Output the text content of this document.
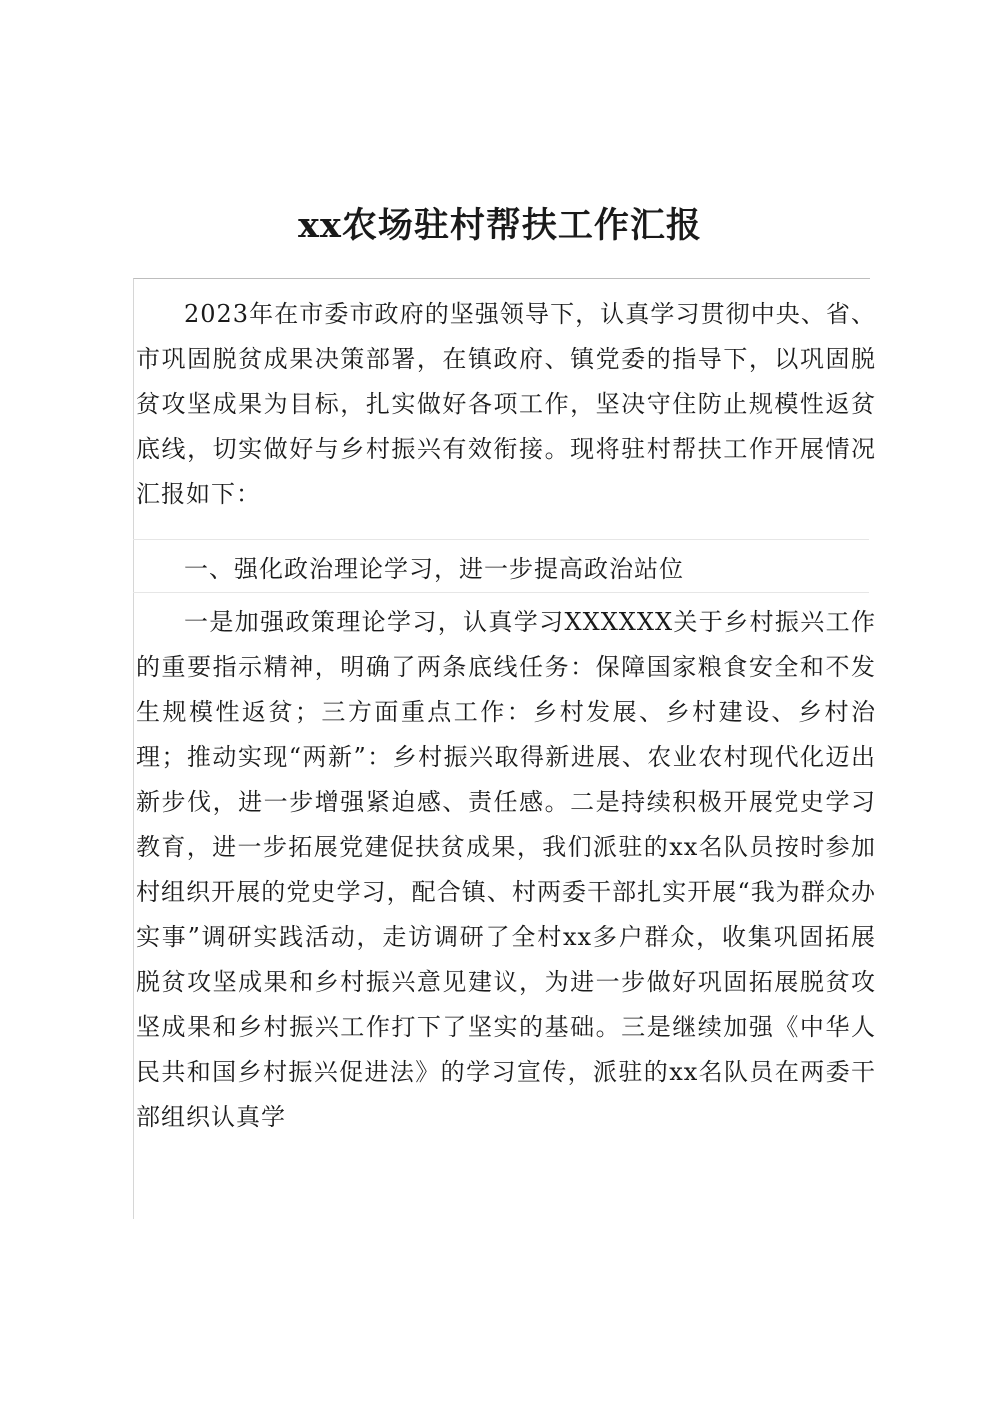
xx农场驻村帮扶工作汇报

2023年在市委市政府的坚强领导下，认真学习贯彻中央、省、市巩固脱贫成果决策部署，在镇政府、镇党委的指导下，以巩固脱贫攻坚成果为目标，扎实做好各项工作，坚决守住防止规模性返贫底线，切实做好与乡村振兴有效衔接。现将驻村帮扶工作开展情况汇报如下：

一、强化政治理论学习，进一步提高政治站位

一是加强政策理论学习，认真学习XXXXXX关于乡村振兴工作的重要指示精神，明确了两条底线任务：保障国家粮食安全和不发生规模性返贫；三方面重点工作：乡村发展、乡村建设、乡村治理；推动实现“两新”：乡村振兴取得新进展、农业农村现代化迈出新步伐，进一步增强紧迫感、责任感。二是持续积极开展党史学习教育，进一步拓展党建促扶贫成果，我们派驻的xx名队员按时参加村组织开展的党史学习，配合镇、村两委干部扎实开展“我为群众办实事”调研实践活动，走访调研了全村xx多户群众，收集巩固拓展脱贫攻坚成果和乡村振兴意见建议，为进一步做好巩固拓展脱贫攻坚成果和乡村振兴工作打下了坚实的基础。三是继续加强《中华人民共和国乡村振兴促进法》的学习宣传，派驻的xx名队员在两委干部组织认真学
